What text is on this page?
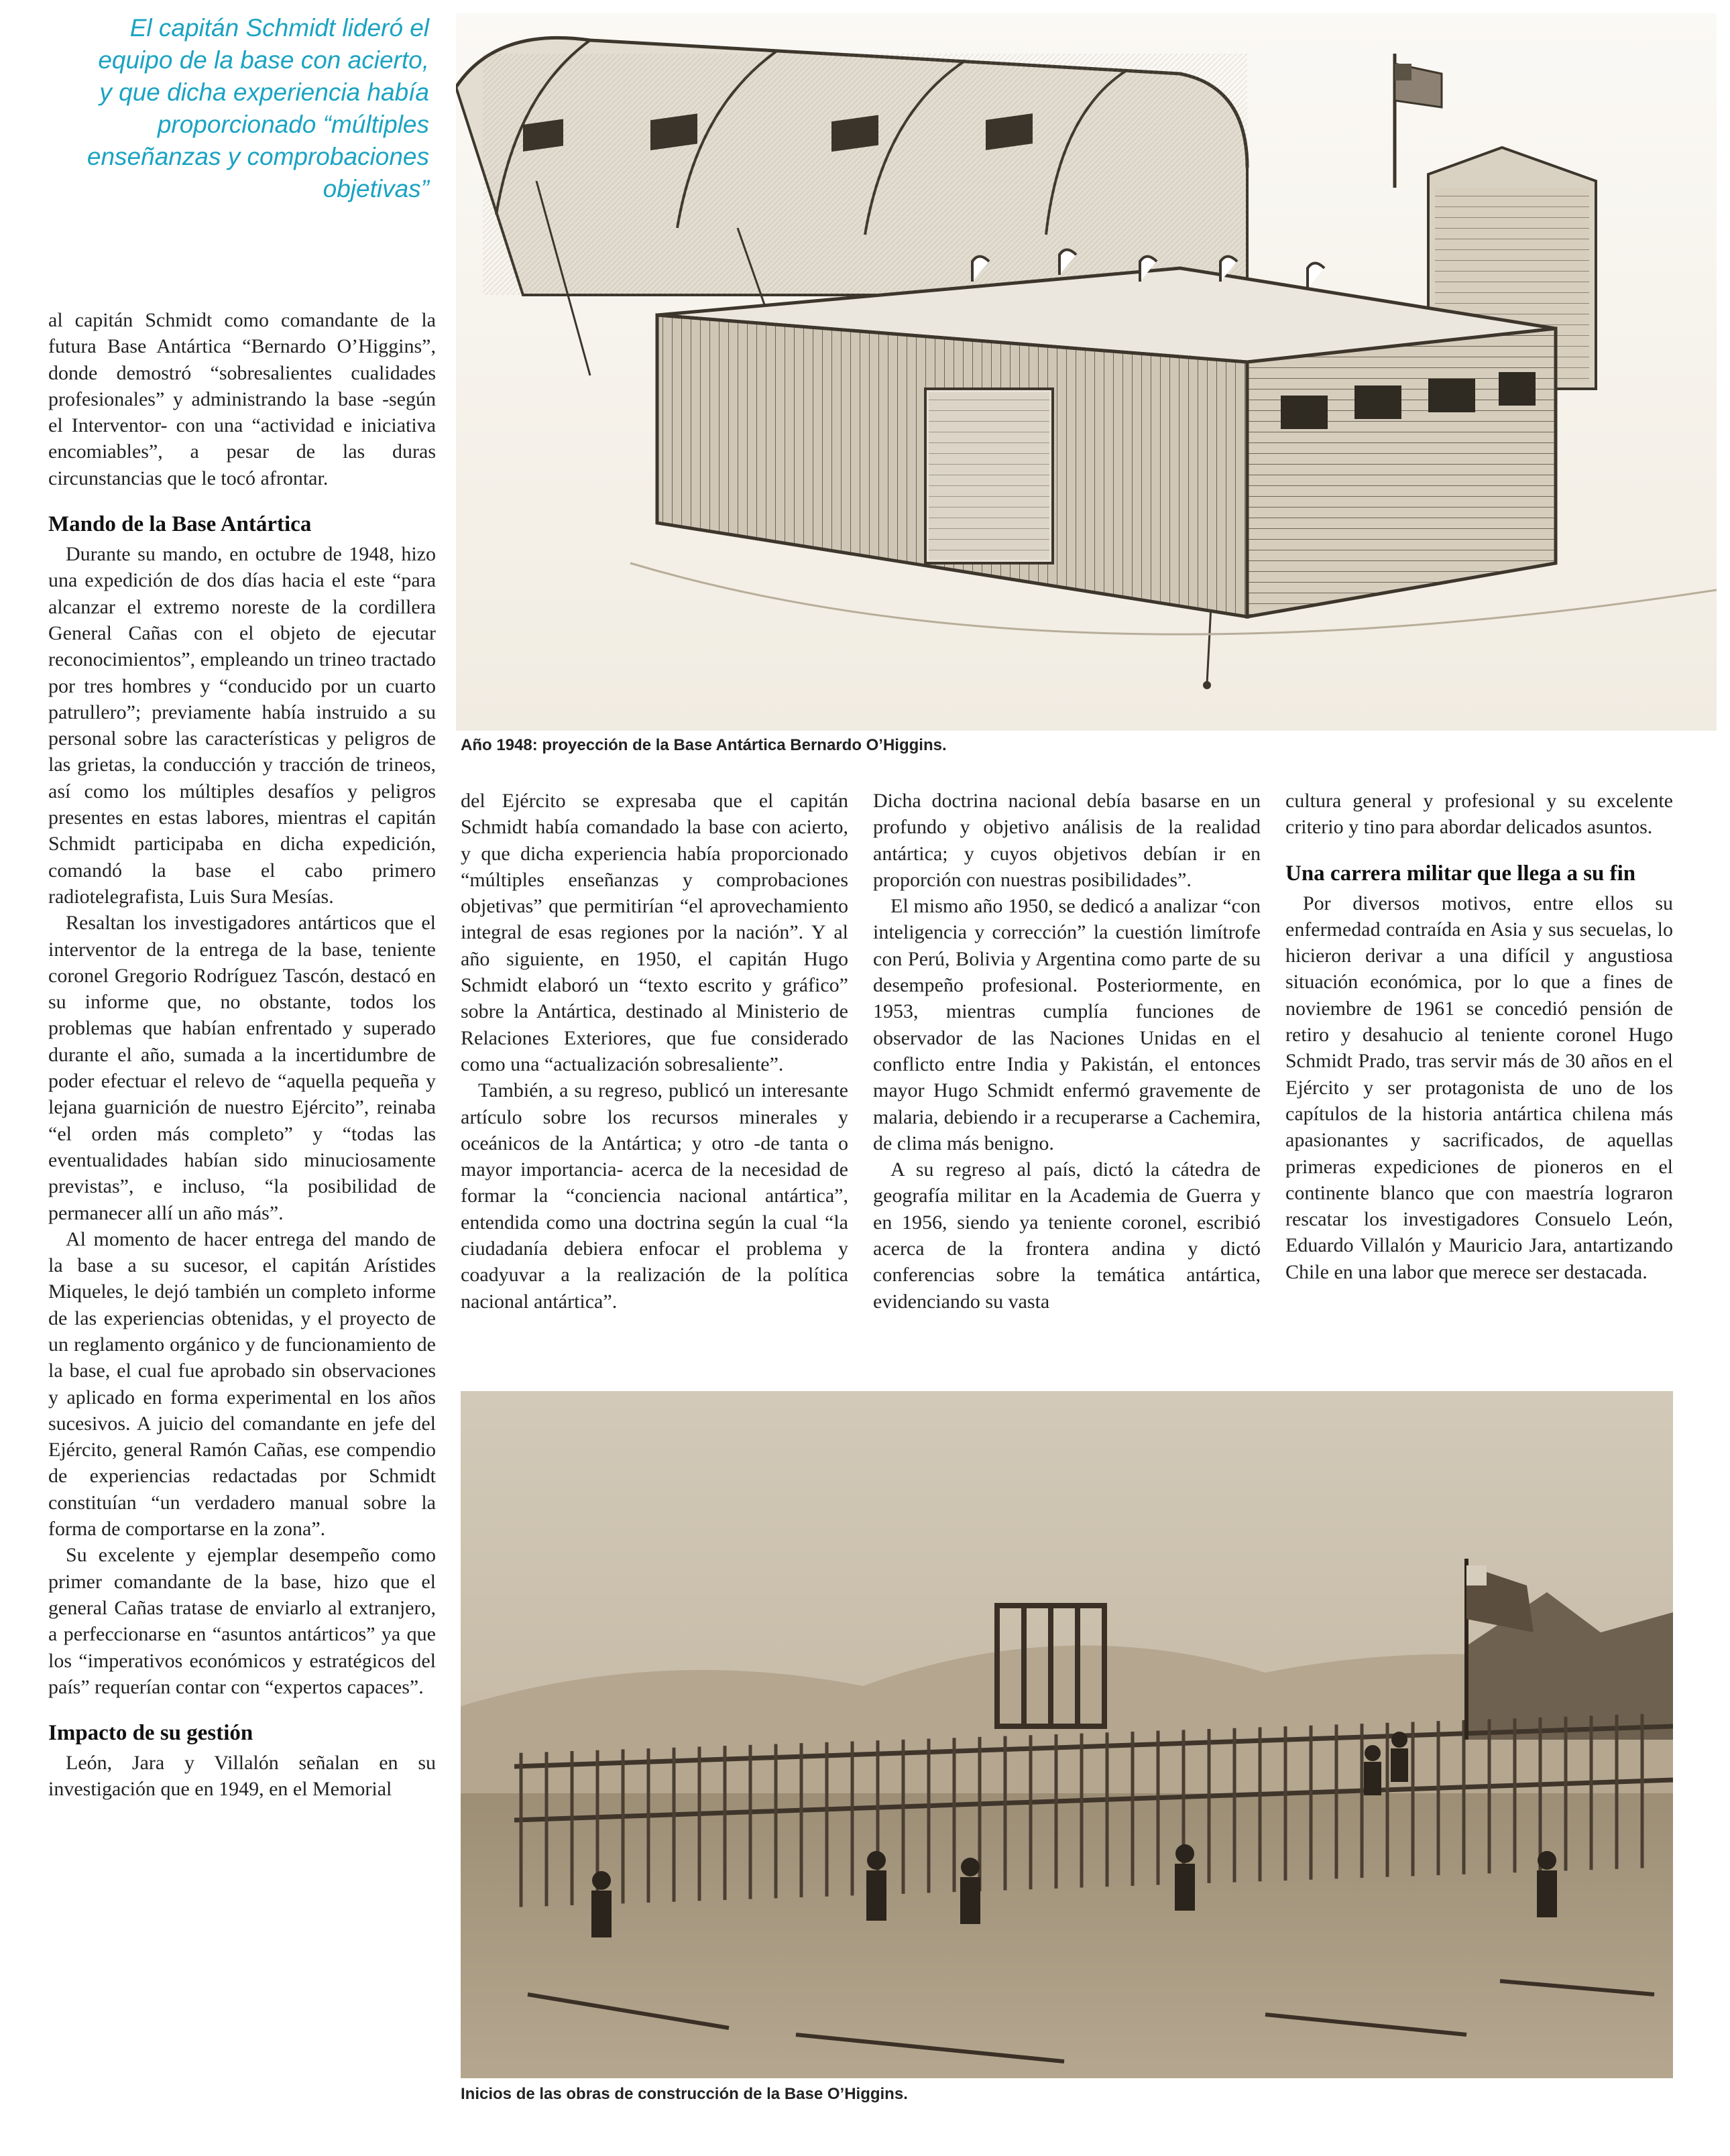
El capitán Schmidt lideró el equipo de la base con acierto, y que dicha experiencia había proporcionado “múltiples enseñanzas y comprobaciones objetivas”
Año 1948: proyección de la Base Antártica Bernardo O’Higgins.

al capitán Schmidt como comandante de la futura Base Antártica “Bernardo O’Higgins”, donde demostró “sobresalientes cualidades profesionales” y administrando la base -según el Interventor- con una “actividad e iniciativa encomiables”, a pesar de las duras circunstancias que le tocó afrontar.

Mando de la Base Antártica

Durante su mando, en octubre de 1948, hizo una expedición de dos días hacia el este “para alcanzar el extremo noreste de la cordillera General Cañas con el objeto de ejecutar reconocimientos”, empleando un trineo tractado por tres hombres y “conducido por un cuarto patrullero”; previamente había instruido a su personal sobre las características y peligros de las grietas, la conducción y tracción de trineos, así como los múltiples desafíos y peligros presentes en estas labores, mientras el capitán Schmidt participaba en dicha expedición, comandó la base el cabo primero radiotelegrafista, Luis Sura Mesías.

Resaltan los investigadores antárticos que el interventor de la entrega de la base, teniente coronel Gregorio Rodríguez Tascón, destacó en su informe que, no obstante, todos los problemas que habían enfrentado y superado durante el año, sumada a la incertidumbre de poder efectuar el relevo de “aquella pequeña y lejana guarnición de nuestro Ejército”, reinaba “el orden más completo” y “todas las eventualidades habían sido minuciosamente previstas”, e incluso, “la posibilidad de permanecer allí un año más”.

Al momento de hacer entrega del mando de la base a su sucesor, el capitán Arístides Miqueles, le dejó también un completo informe de las experiencias obtenidas, y el proyecto de un reglamento orgánico y de funcionamiento de la base, el cual fue aprobado sin observaciones y aplicado en forma experimental en los años sucesivos. A juicio del comandante en jefe del Ejército, general Ramón Cañas, ese compendio de experiencias redactadas por Schmidt constituían “un verdadero manual sobre la forma de comportarse en la zona”.

Su excelente y ejemplar desempeño como primer comandante de la base, hizo que el general Cañas tratase de enviarlo al extranjero, a perfeccionarse en “asuntos antárticos” ya que los “imperativos económicos y estratégicos del país” requerían contar con “expertos capaces”.

Impacto de su gestión

León, Jara y Villalón señalan en su investigación que en 1949, en el Memorial

del Ejército se expresaba que el capitán Schmidt había comandado la base con acierto, y que dicha experiencia había proporcionado “múltiples enseñanzas y comprobaciones objetivas” que permitirían “el aprovechamiento integral de esas regiones por la nación”. Y al año siguiente, en 1950, el capitán Hugo Schmidt elaboró un “texto escrito y gráfico” sobre la Antártica, destinado al Ministerio de Relaciones Exteriores, que fue considerado como una “actualización sobresaliente”.

También, a su regreso, publicó un interesante artículo sobre los recursos minerales y oceánicos de la Antártica; y otro -de tanta o mayor importancia- acerca de la necesidad de formar la “conciencia nacional antártica”, entendida como una doctrina según la cual “la ciudadanía debiera enfocar el problema y coadyuvar a la realización de la política nacional antártica”.

Dicha doctrina nacional debía basarse en un profundo y objetivo análisis de la realidad antártica; y cuyos objetivos debían ir en proporción con nuestras posibilidades”.

El mismo año 1950, se dedicó a analizar “con inteligencia y corrección” la cuestión limítrofe con Perú, Bolivia y Argentina como parte de su desempeño profesional. Posteriormente, en 1953, mientras cumplía funciones de observador de las Naciones Unidas en el conflicto entre India y Pakistán, el entonces mayor Hugo Schmidt enfermó gravemente de malaria, debiendo ir a recuperarse a Cachemira, de clima más benigno.

A su regreso al país, dictó la cátedra de geografía militar en la Academia de Guerra y en 1956, siendo ya teniente coronel, escribió acerca de la frontera andina y dictó conferencias sobre la temática antártica, evidenciando su vasta

cultura general y profesional y su excelente criterio y tino para abordar delicados asuntos.

Una carrera militar que llega a su fin

Por diversos motivos, entre ellos su enfermedad contraída en Asia y sus secuelas, lo hicieron derivar a una difícil y angustiosa situación económica, por lo que a fines de noviembre de 1961 se concedió pensión de retiro y desahucio al teniente coronel Hugo Schmidt Prado, tras servir más de 30 años en el Ejército y ser protagonista de uno de los capítulos de la historia antártica chilena más apasionantes y sacrificados, de aquellas primeras expediciones de pioneros en el continente blanco que con maestría lograron rescatar los investigadores Consuelo León, Eduardo Villalón y Mauricio Jara, antartizando Chile en una labor que merece ser destacada.

Inicios de las obras de construcción de la Base O’Higgins.
